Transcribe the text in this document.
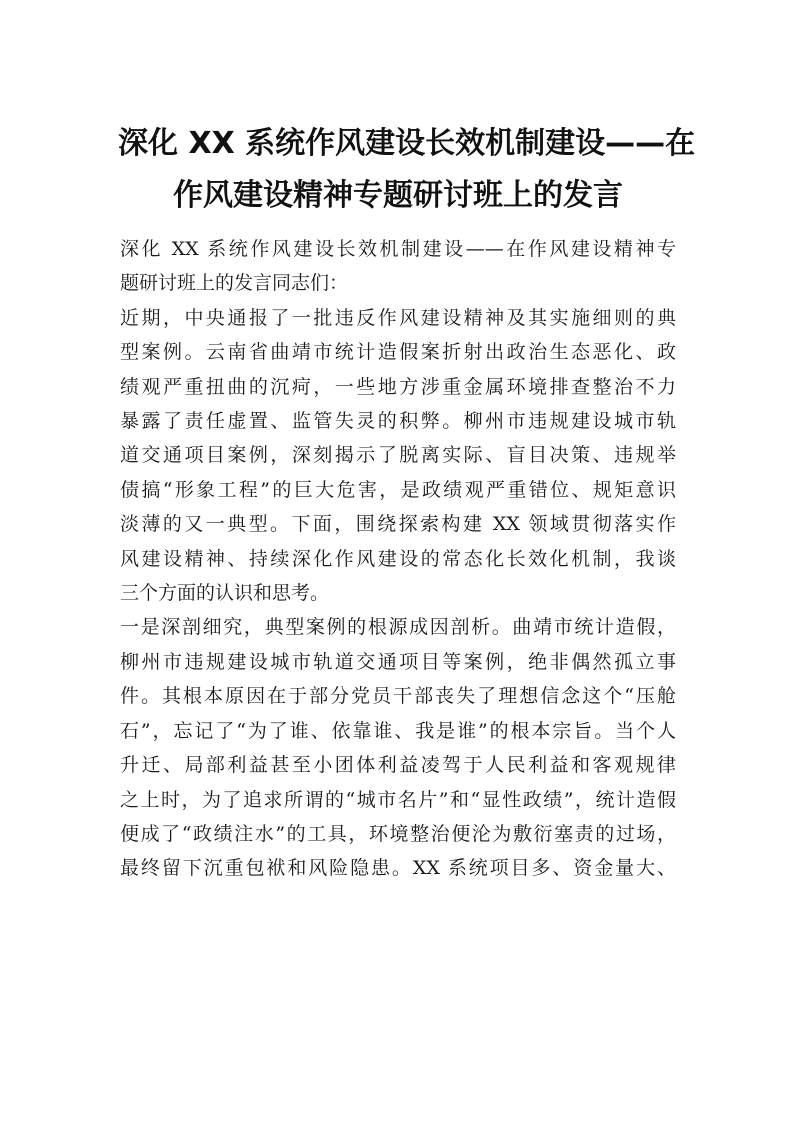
深化 XX 系统作风建设长效机制建设——在
作风建设精神专题研讨班上的发言
深化 XX 系统作风建设长效机制建设——在作风建设精神专
题研讨班上的发言同志们：
近期，中央通报了一批违反作风建设精神及其实施细则的典
型案例。云南省曲靖市统计造假案折射出政治生态恶化、政
绩观严重扭曲的沉疴，一些地方涉重金属环境排查整治不力
暴露了责任虚置、监管失灵的积弊。柳州市违规建设城市轨
道交通项目案例，深刻揭示了脱离实际、盲目决策、违规举
债搞“形象工程”的巨大危害，是政绩观严重错位、规矩意识
淡薄的又一典型。下面，围绕探索构建 XX 领域贯彻落实作
风建设精神、持续深化作风建设的常态化长效化机制，我谈
三个方面的认识和思考。
一是深剖细究，典型案例的根源成因剖析。曲靖市统计造假，
柳州市违规建设城市轨道交通项目等案例，绝非偶然孤立事
件。其根本原因在于部分党员干部丧失了理想信念这个“压舱
石”，忘记了“为了谁、依靠谁、我是谁”的根本宗旨。当个人
升迁、局部利益甚至小团体利益凌驾于人民利益和客观规律
之上时，为了追求所谓的“城市名片”和“显性政绩”，统计造假
便成了“政绩注水”的工具，环境整治便沦为敷衍塞责的过场，
最终留下沉重包袱和风险隐患。XX 系统项目多、资金量大、
